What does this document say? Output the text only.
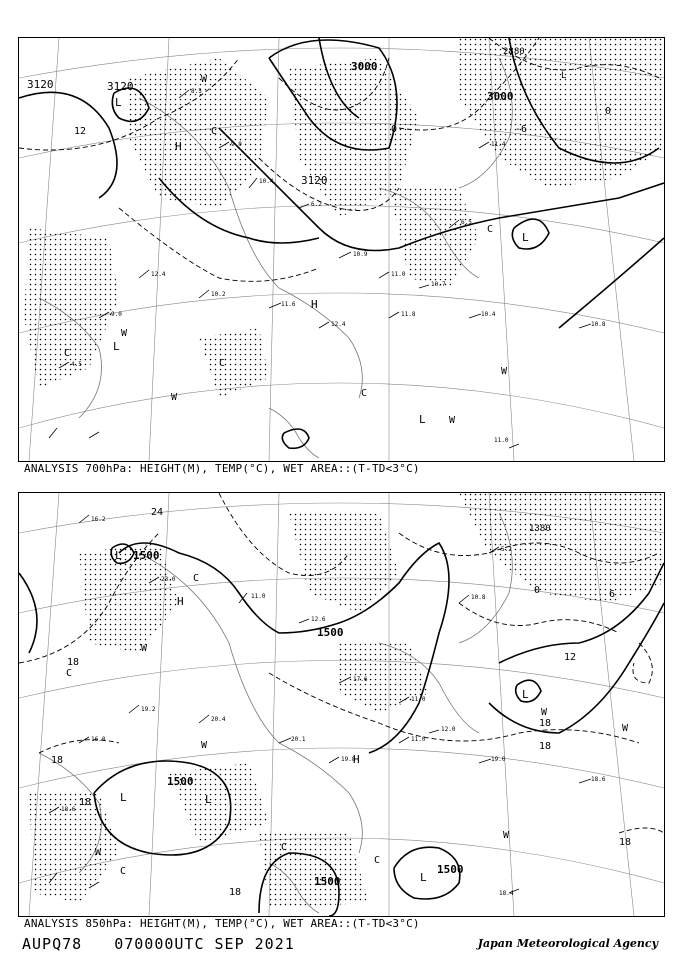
8.5
9.0
10.4
6.2
10.9
11.0
10.7
6.5
11.4
12.4
9.0
4.5
10.2
11.6
12.4
11.8	10.4
10.8
11.0
3120	3120
3000
3000
3120
2880
H
L
H
L
L
L
L
12	0
0
-6
C
C
C
C
C
W
W
W
W
W
ANALYSIS 700hPa: HEIGHT(M), TEMP(°C), WET AREA::(T-TD<3°C)
16.2
23.0
11.0
12.6
17.6
11.0
12.0
10.8
5.2
19.2
16.0
18.6
20.4
20.1
19.8
11.0
19.0
18.6
18.4
1500
1500
1500
1500
1500
1380
H
L
H
L
L
L
L
24
18
18
18
18
18
18
12
6
0
18
C
C
C
C
C
W
W
W
W
W
W
ANALYSIS 850hPa: HEIGHT(M), TEMP(°C), WET AREA::(T-TD<3°C)
AUPQ78 070000UTC SEP 2021	Japan Meteorological Agency
